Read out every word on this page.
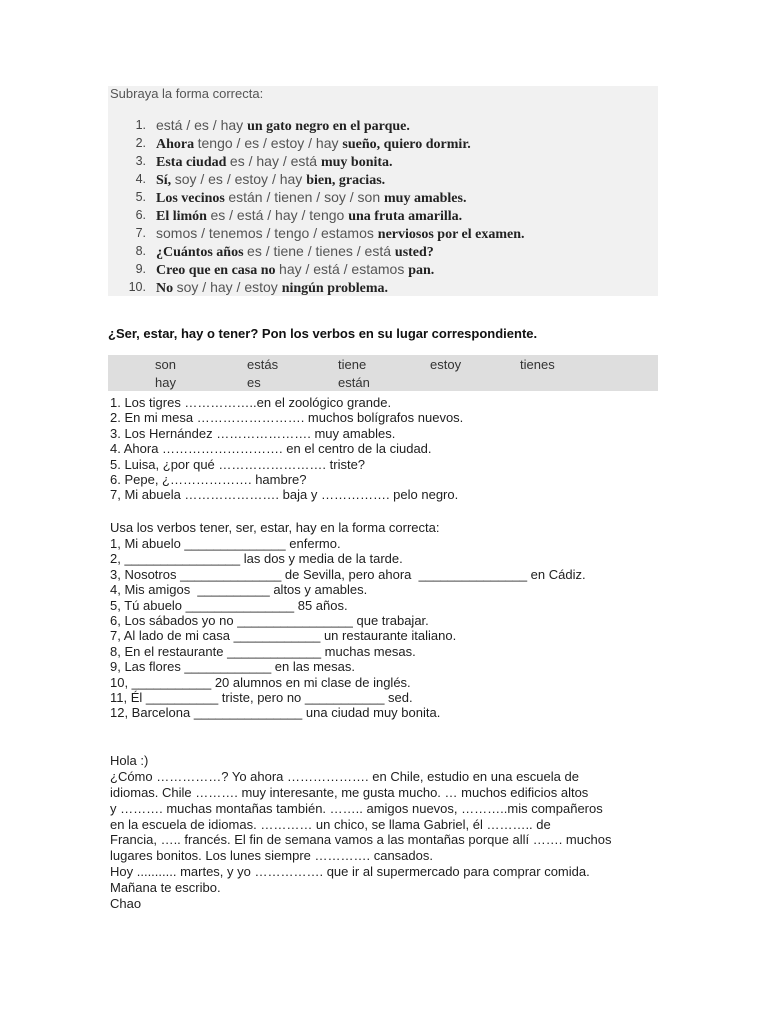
Subraya la forma correcta:
1. está / es / hay un gato negro en el parque.
2. Ahora tengo / es / estoy / hay sueño, quiero dormir.
3. Esta ciudad es / hay / está muy bonita.
4. Sí, soy / es / estoy / hay bien, gracias.
5. Los vecinos están / tienen / soy / son muy amables.
6. El limón es / está / hay / tengo una fruta amarilla.
7. somos / tenemos / tengo / estamos nerviosos por el examen.
8. ¿Cuántos años es / tiene / tienes / está usted?
9. Creo que en casa no hay / está / estamos pan.
10. No soy / hay / estoy ningún problema.
¿Ser, estar, hay o tener? Pon los verbos en su lugar correspondiente.
son	estás	tiene	estoy	tienes
hay	es	están
1. Los tigres ……………..en el zoológico grande.
2. En mi mesa ……………………. muchos bolígrafos nuevos.
3. Los Hernández …………………. muy amables.
4. Ahora ………………………. en el centro de la ciudad.
5. Luisa, ¿por qué ……………………. triste?
6. Pepe, ¿………………. hambre?
7, Mi abuela …………………. baja y ……………. pelo negro.
Usa los verbos tener, ser, estar, hay en la forma correcta:
1, Mi abuelo ______________ enfermo.
2, ________________ las dos y media de la tarde.
3, Nosotros ______________ de Sevilla, pero ahora  _______________ en Cádiz.
4, Mis amigos  __________ altos y amables.
5, Tú abuelo _______________ 85 años.
6, Los sábados yo no ________________ que trabajar.
7, Al lado de mi casa ____________ un restaurante italiano.
8, En el restaurante _____________ muchas mesas.
9, Las flores ____________ en las mesas.
10, ___________ 20 alumnos en mi clase de inglés.
11, Él __________ triste, pero no ___________ sed.
12, Barcelona _______________ una ciudad muy bonita.
Hola :)
¿Cómo ……………? Yo ahora ………………. en Chile, estudio en una escuela de
idiomas. Chile ………. muy interesante, me gusta mucho. … muchos edificios altos
y ………. muchas montañas también. …….. amigos nuevos, ………..mis compañeros
en la escuela de idiomas. ………… un chico, se llama Gabriel, él ……….. de
Francia, ….. francés. El fin de semana vamos a las montañas porque allí ……. muchos
lugares bonitos. Los lunes siempre …………. cansados.
Hoy ........... martes, y yo ……………. que ir al supermercado para comprar comida.
Mañana te escribo.
Chao
